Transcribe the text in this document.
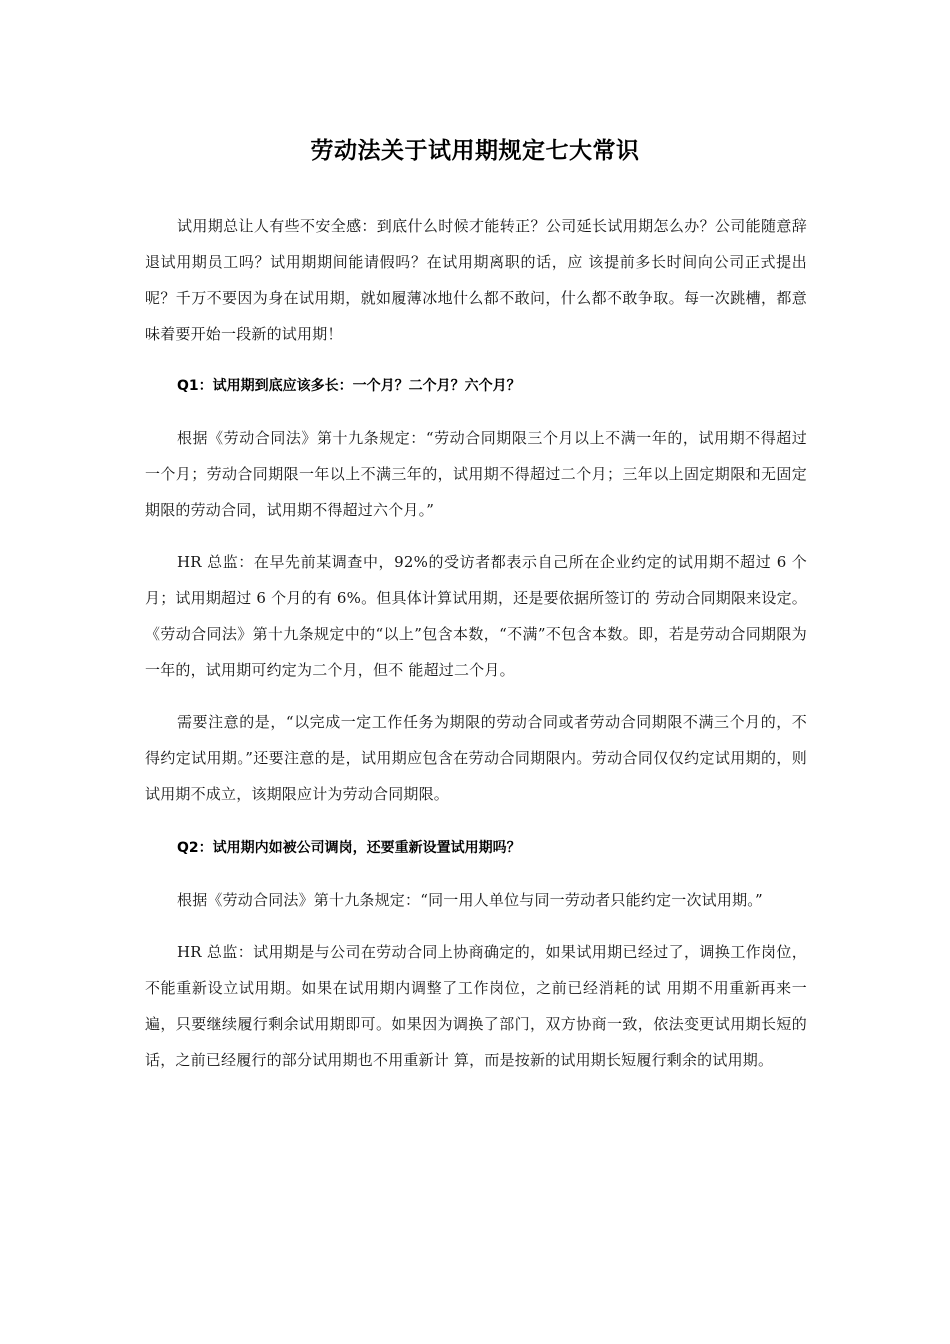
劳动法关于试用期规定七大常识

试用期总让人有些不安全感：到底什么时候才能转正？公司延长试用期怎么办？公司能随意辞退试用期员工吗？试用期期间能请假吗？在试用期离职的话，应 该提前多长时间向公司正式提出呢？千万不要因为身在试用期，就如履薄冰地什么都不敢问，什么都不敢争取。每一次跳槽，都意味着要开始一段新的试用期！

Q1：试用期到底应该多长：一个月？二个月？六个月？

根据《劳动合同法》第十九条规定：“劳动合同期限三个月以上不满一年的，试用期不得超过一个月；劳动合同期限一年以上不满三年的，试用期不得超过二个月；三年以上固定期限和无固定期限的劳动合同，试用期不得超过六个月。”

HR 总监：在早先前某调查中，92%的受访者都表示自己所在企业约定的试用期不超过 6 个月；试用期超过 6 个月的有 6%。但具体计算试用期，还是要依据所签订的 劳动合同期限来设定。《劳动合同法》第十九条规定中的“以上”包含本数，“不满”不包含本数。即，若是劳动合同期限为一年的，试用期可约定为二个月，但不 能超过二个月。

需要注意的是，“以完成一定工作任务为期限的劳动合同或者劳动合同期限不满三个月的，不得约定试用期。”还要注意的是，试用期应包含在劳动合同期限内。劳动合同仅仅约定试用期的，则试用期不成立，该期限应计为劳动合同期限。

Q2：试用期内如被公司调岗，还要重新设置试用期吗？

根据《劳动合同法》第十九条规定：“同一用人单位与同一劳动者只能约定一次试用期。”

HR 总监：试用期是与公司在劳动合同上协商确定的，如果试用期已经过了，调换工作岗位，不能重新设立试用期。如果在试用期内调整了工作岗位，之前已经消耗的试 用期不用重新再来一遍，只要继续履行剩余试用期即可。如果因为调换了部门，双方协商一致，依法变更试用期长短的话，之前已经履行的部分试用期也不用重新计 算，而是按新的试用期长短履行剩余的试用期。
